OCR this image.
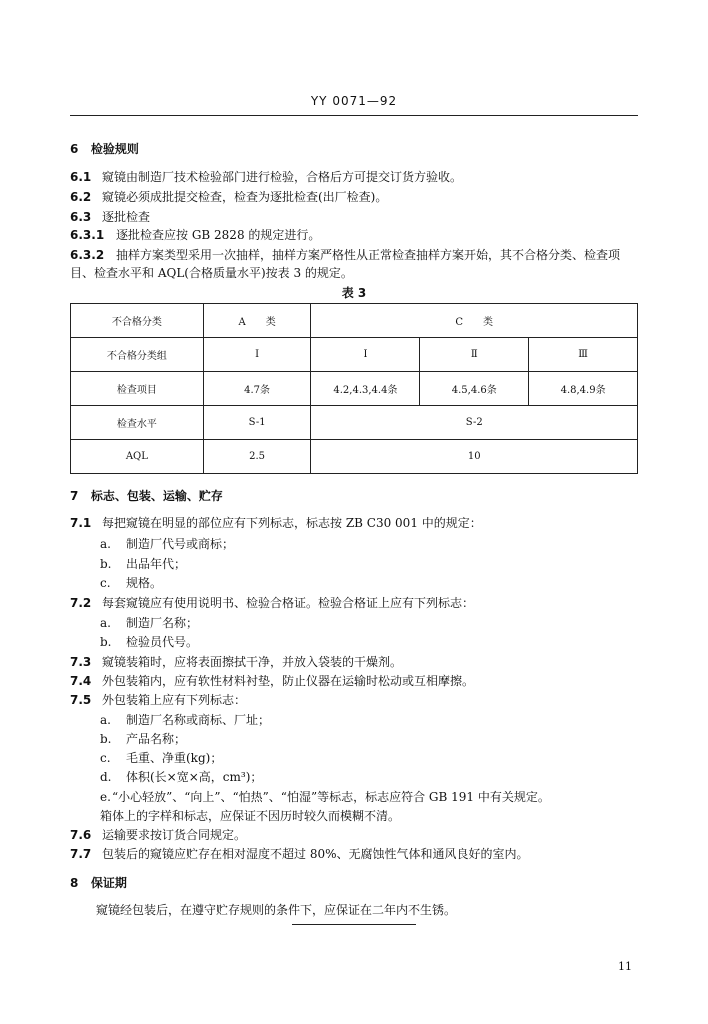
YY 0071—92
6 检验规则
6.1 窥镜由制造厂技术检验部门进行检验，合格后方可提交订货方验收。
6.2 窥镜必须成批提交检查，检查为逐批检查(出厂检查)。
6.3 逐批检查
6.3.1 逐批检查应按 GB 2828 的规定进行。
6.3.2 抽样方案类型采用一次抽样，抽样方案严格性从正常检查抽样方案开始，其不合格分类、检查项
目、检查水平和 AQL(合格质量水平)按表 3 的规定。
表 3
不合格分类	A　　类	C　　类		
不合格分类组	Ⅰ	Ⅰ	Ⅱ	Ⅲ
检查项目	4.7条	4.2,4.3,4.4条	4.5,4.6条	4.8,4.9条
检查水平	S-1	S-2		
AQL	2.5	10		
7 标志、包装、运输、贮存
7.1 每把窥镜在明显的部位应有下列标志，标志按 ZB C30 001 中的规定：
a. 制造厂代号或商标；
b. 出品年代；
c. 规格。
7.2 每套窥镜应有使用说明书、检验合格证。检验合格证上应有下列标志：
a. 制造厂名称；
b. 检验员代号。
7.3 窥镜装箱时，应将表面擦拭干净，并放入袋装的干燥剂。
7.4 外包装箱内，应有软性材料衬垫，防止仪器在运输时松动或互相摩擦。
7.5 外包装箱上应有下列标志：
a. 制造厂名称或商标、厂址；
b. 产品名称；
c. 毛重、净重(kg)；
d. 体积(长×宽×高，cm³)；
e.“小心轻放”、“向上”、“怕热”、“怕湿”等标志，标志应符合 GB 191 中有关规定。
箱体上的字样和标志，应保证不因历时较久而模糊不清。
7.6 运输要求按订货合同规定。
7.7 包装后的窥镜应贮存在相对湿度不超过 80%、无腐蚀性气体和通风良好的室内。
8 保证期
窥镜经包装后，在遵守贮存规则的条件下，应保证在二年内不生锈。
11
